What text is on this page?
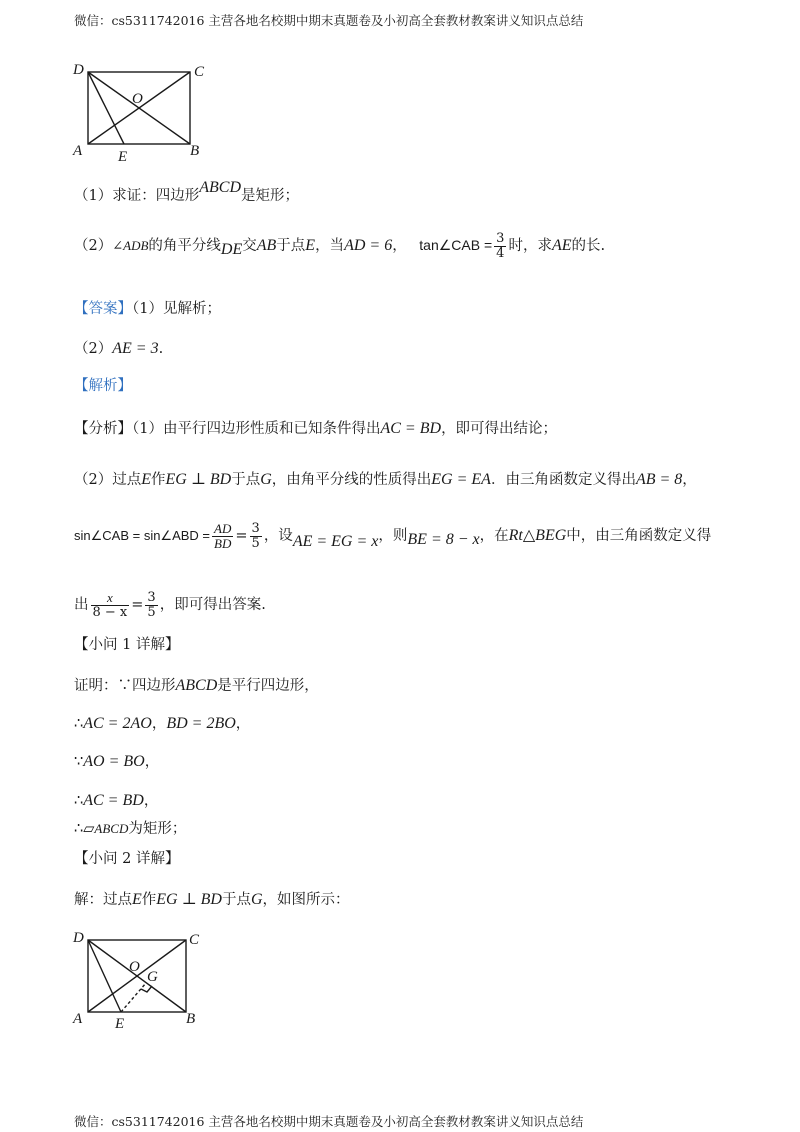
微信：cs5311742016 主营各地名校期中期末真题卷及小初高全套教材教案讲义知识点总结
D	C
O
A E	B
（1）求证：四边形ABCD是矩形；
（2）∠ADB的角平分线DE交AB于点E，当AD = 6， tan∠CAB = $\frac{3}{4}$ 时，求AE的长.
【答案】（1）见解析；
（2）AE = 3.
【解析】
【分析】（1）由平行四边形性质和已知条件得出AC = BD，即可得出结论；
（2）过点E作EG ⊥ BD于点G，由角平分线的性质得出EG = EA．由三角函数定义得出AB = 8，
sin∠CAB = sin∠ABD = $\frac{AD}{BD} = \frac{3}{5}$ ，设AE = EG = x，则BE = 8 − x，在Rt△BEG中，由三角函数定义得
出 $\frac{x}{8 - x} = \frac{3}{5}$ ，即可得出答案.
【小问 1 详解】
证明：∵四边形ABCD是平行四边形，
∴AC = 2AO，BD = 2BO，
∵AO = BO，
∴AC = BD，
∴▱ABCD为矩形；
【小问 2 详解】
解：过点E作EG ⊥ BD于点G，如图所示：
D	C
O
G
A E	B
微信：cs5311742016 主营各地名校期中期末真题卷及小初高全套教材教案讲义知识点总结
